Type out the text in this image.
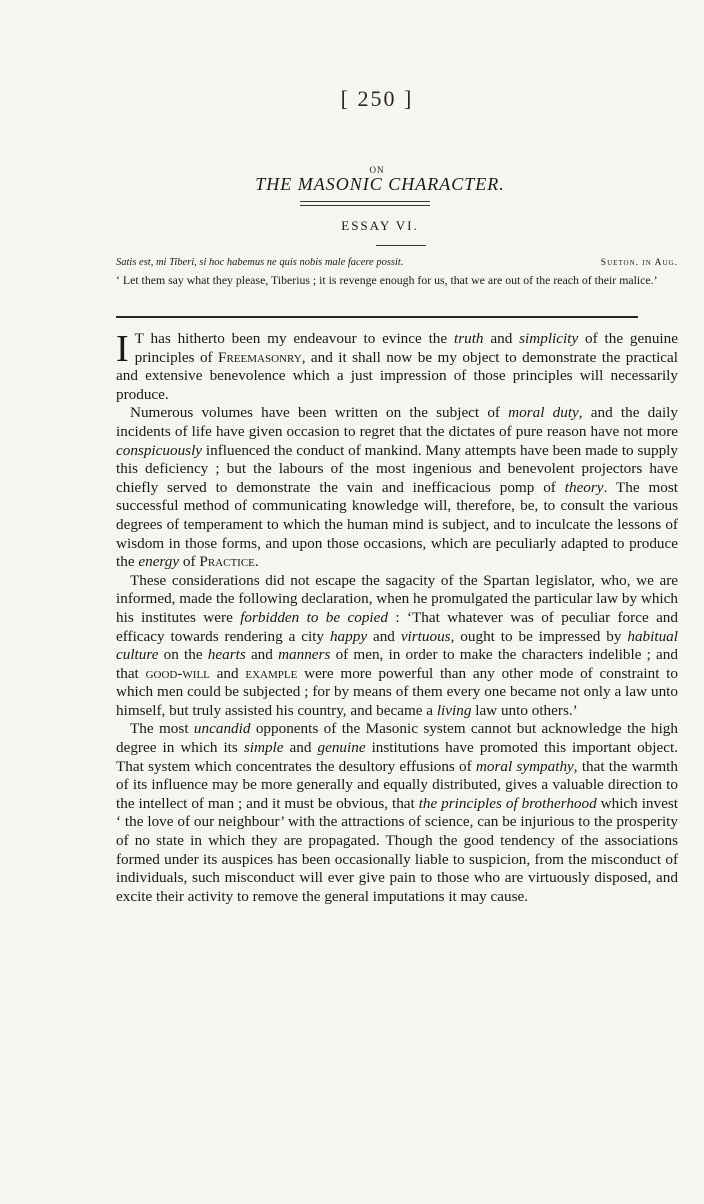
[ 250 ]
ON
THE MASONIC CHARACTER.
ESSAY VI.
Satis est, mi Tiberi, si hoc habemus ne quis nobis male facere possit.	Sueton. in Aug.
‘ Let them say what they please, Tiberius ; it is revenge enough for us, that we are out of the reach of their malice.’

I T has hitherto been my endeavour to evince the truth and simplicity of the genuine principles of Freemasonry, and it shall now be my object to demonstrate the practical and extensive benevolence which a just impression of those principles will necessarily produce.

Numerous volumes have been written on the subject of moral duty, and the daily incidents of life have given occasion to regret that the dictates of pure reason have not more conspicuously influenced the conduct of mankind. Many attempts have been made to supply this deficiency ; but the labours of the most ingenious and benevolent projectors have chiefly served to demonstrate the vain and inefficacious pomp of theory. The most successful method of communicating knowledge will, therefore, be, to consult the various degrees of temperament to which the human mind is subject, and to inculcate the lessons of wisdom in those forms, and upon those occasions, which are peculiarly adapted to produce the energy of Practice.

These considerations did not escape the sagacity of the Spartan legislator, who, we are informed, made the following declaration, when he promulgated the particular law by which his institutes were forbidden to be copied : ‘That whatever was of peculiar force and efficacy towards rendering a city happy and virtuous, ought to be impressed by habitual culture on the hearts and manners of men, in order to make the characters indelible ; and that good-will and example were more powerful than any other mode of constraint to which men could be subjected ; for by means of them every one became not only a law unto himself, but truly assisted his country, and became a living law unto others.’

The most uncandid opponents of the Masonic system cannot but acknowledge the high degree in which its simple and genuine institutions have promoted this important object. That system which concentrates the desultory effusions of moral sympathy, that the warmth of its influence may be more generally and equally distributed, gives a valuable direction to the intellect of man ; and it must be obvious, that the principles of brotherhood which invest ‘ the love of our neighbour’ with the attractions of science, can be injurious to the prosperity of no state in which they are propagated. Though the good tendency of the associations formed under its auspices has been occasionally liable to suspicion, from the misconduct of individuals, such misconduct will ever give pain to those who are virtuously disposed, and excite their activity to remove the general imputations it may cause.
